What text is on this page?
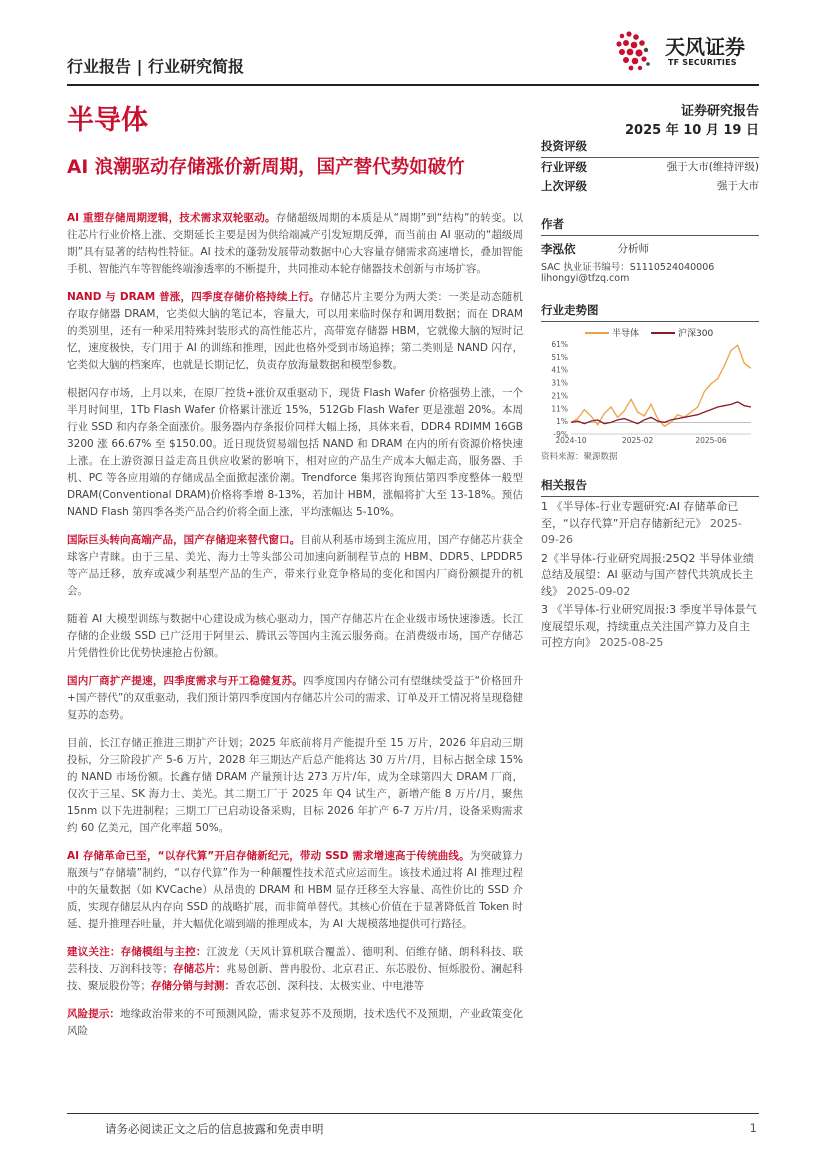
行业报告 | 行业研究简报
天风证券
TF SECURITIES
半导体	证券研究报告
2025 年 10 月 19 日
AI 浪潮驱动存储涨价新周期，国产替代势如破竹

AI 重塑存储周期逻辑，技术需求双轮驱动。存储超级周期的本质是从“周期”到“结构”的转变。以往芯片行业价格上涨、交期延长主要是因为供给端减产引发短期反弹，而当前由 AI 驱动的“超级周期”具有显著的结构性特征。AI 技术的蓬勃发展带动数据中心大容量存储需求高速增长，叠加智能手机、智能汽车等智能终端渗透率的不断提升，共同推动本轮存储器技术创新与市场扩容。

NAND 与 DRAM 普涨，四季度存储价格持续上行。存储芯片主要分为两大类：一类是动态随机存取存储器 DRAM，它类似大脑的笔记本，容量大，可以用来临时保存和调用数据；而在 DRAM 的类别里，还有一种采用特殊封装形式的高性能芯片，高带宽存储器 HBM，它就像大脑的短时记忆，速度极快，专门用于 AI 的训练和推理，因此也格外受到市场追捧；第二类则是 NAND 闪存，它类似大脑的档案库，也就是长期记忆，负责存放海量数据和模型参数。

根据闪存市场，上月以来，在原厂控货+涨价双重驱动下，现货 Flash Wafer 价格强势上涨，一个半月时间里，1Tb Flash Wafer 价格累计涨近 15%，512Gb Flash Wafer 更是涨超 20%。本周行业 SSD 和内存条全面涨价。服务器内存条报价同样大幅上扬，具体来看，DDR4 RDIMM 16GB 3200 涨 66.67% 至 $150.00。近日现货贸易端包括 NAND 和 DRAM 在内的所有资源价格快速上涨。在上游资源日益走高且供应收紧的影响下，相对应的产品生产成本大幅走高，服务器、手机、PC 等各应用端的存储成品全面掀起涨价潮。Trendforce 集邦咨询预估第四季度整体一般型 DRAM(Conventional DRAM)价格将季增 8-13%，若加计 HBM，涨幅将扩大至 13-18%。预估 NAND Flash 第四季各类产品合约价将全面上涨，平均涨幅达 5-10%。

国际巨头转向高端产品，国产存储迎来替代窗口。目前从利基市场到主流应用，国产存储芯片获全球客户青睐。由于三星、美光、海力士等头部公司加速向新制程节点的 HBM、DDR5、LPDDR5 等产品迁移，放弃或减少利基型产品的生产，带来行业竞争格局的变化和国内厂商份额提升的机会。

随着 AI 大模型训练与数据中心建设成为核心驱动力，国产存储芯片在企业级市场快速渗透。长江存储的企业级 SSD 已广泛用于阿里云、腾讯云等国内主流云服务商。在消费级市场，国产存储芯片凭借性价比优势快速抢占份额。

国内厂商扩产提速，四季度需求与开工稳健复苏。四季度国内存储公司有望继续受益于“价格回升+国产替代”的双重驱动，我们预计第四季度国内存储芯片公司的需求、订单及开工情况将呈现稳健复苏的态势。

目前，长江存储正推进三期扩产计划；2025 年底前将月产能提升至 15 万片，2026 年启动三期投标，分三阶段扩产 5-6 万片，2028 年三期达产后总产能将达 30 万片/月，目标占据全球 15%的 NAND 市场份额。长鑫存储 DRAM 产量预计达 273 万片/年，成为全球第四大 DRAM 厂商，仅次于三星、SK 海力士、美光。其二期工厂于 2025 年 Q4 试生产，新增产能 8 万片/月，聚焦 15nm 以下先进制程；三期工厂已启动设备采购，目标 2026 年扩产 6-7 万片/月，设备采购需求约 60 亿美元，国产化率超 50%。

AI 存储革命已至，“以存代算”开启存储新纪元，带动 SSD 需求增速高于传统曲线。为突破算力瓶颈与“存储墙”制约，“以存代算”作为一种颠覆性技术范式应运而生。该技术通过将 AI 推理过程中的矢量数据（如 KVCache）从昂贵的 DRAM 和 HBM 显存迁移至大容量、高性价比的 SSD 介质，实现存储层从内存向 SSD 的战略扩展，而非简单替代。其核心价值在于显著降低首 Token 时延、提升推理吞吐量，并大幅优化端到端的推理成本，为 AI 大规模落地提供可行路径。

建议关注：存储模组与主控：江波龙（天风计算机联合覆盖）、德明利、佰维存储、朗科科技、联芸科技、万润科技等；存储芯片：兆易创新、普冉股份、北京君正、东芯股份、恒烁股份、澜起科技、聚辰股份等；存储分销与封测：香农芯创、深科技、太极实业、中电港等

风险提示：地缘政治带来的不可预测风险，需求复苏不及预期，技术迭代不及预期，产业政策变化风险

投资评级
行业评级	强于大市(维持评级)
上次评级	强于大市
作者
李泓依	分析师
SAC 执业证书编号：S1110524040006
lihongyi@tfzq.com
行业走势图
半导体	沪深300
-9%
1%
11%
21%
31%
41%
51%
61%
2024-10	2025-02	2025-06
资料来源：聚源数据
相关报告
1 《半导体-行业专题研究:AI 存储革命已至，“以存代算”开启存储新纪元》 2025-09-26
2《半导体-行业研究周报:25Q2 半导体业绩总结及展望：AI 驱动与国产替代共筑成长主线》 2025-09-02
3 《半导体-行业研究周报:3 季度半导体景气度展望乐观，持续重点关注国产算力及自主可控方向》 2025-08-25
请务必阅读正文之后的信息披露和免责申明	1
